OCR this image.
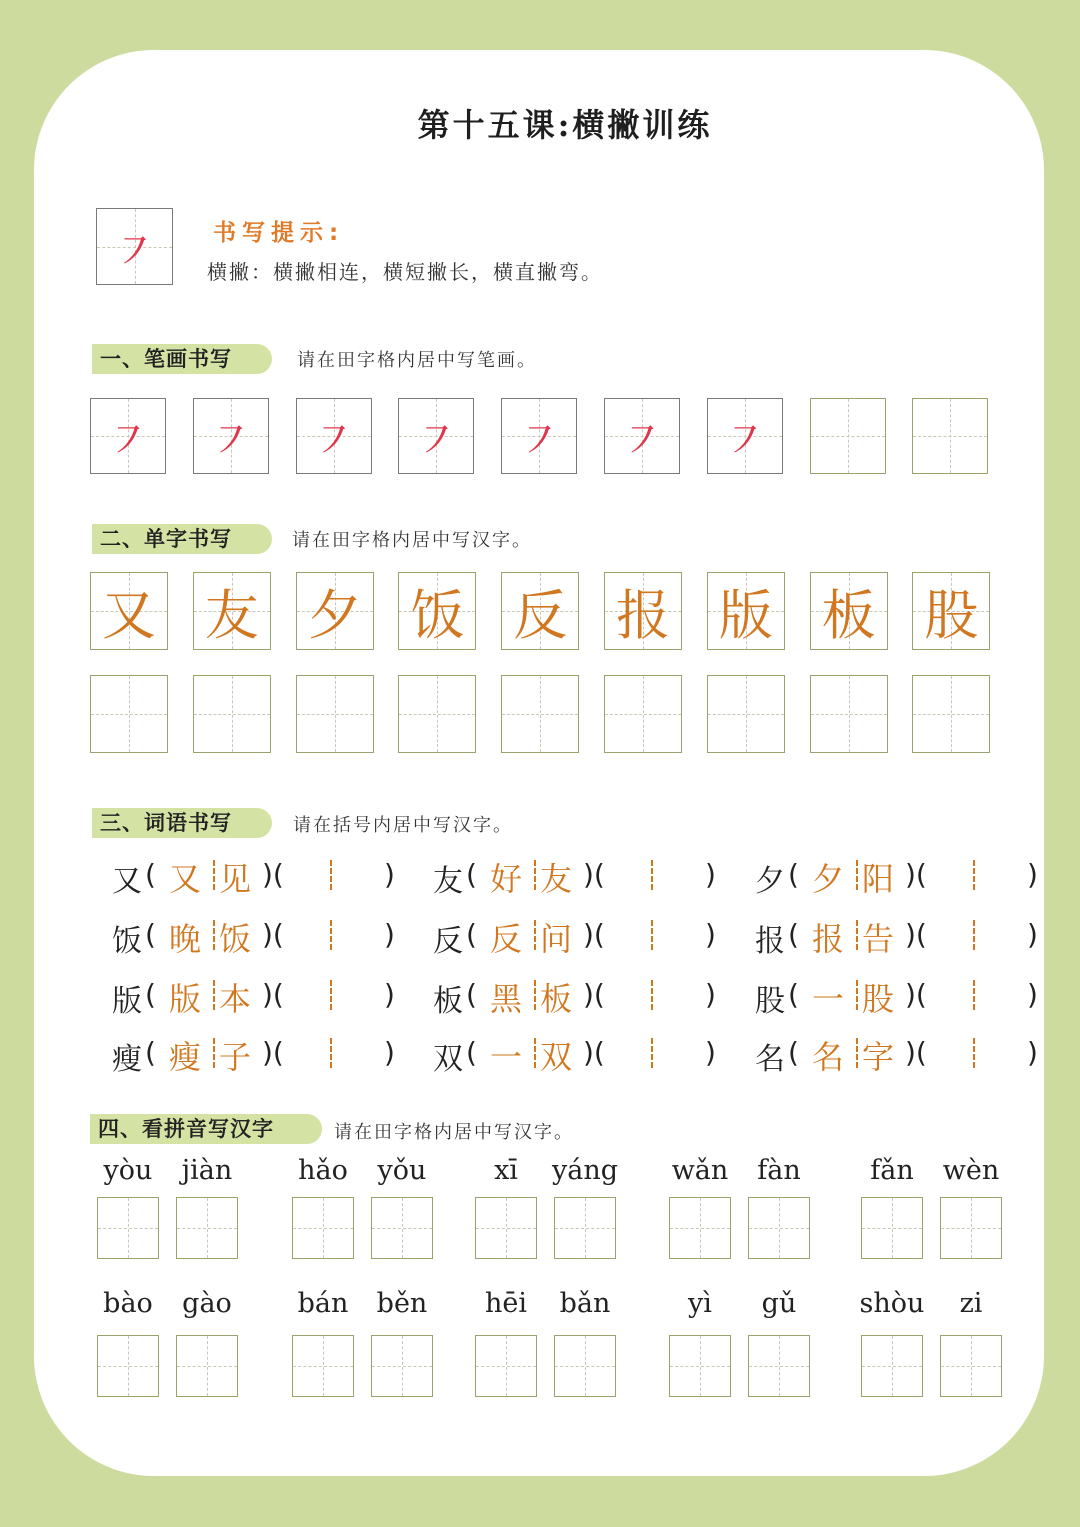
第十五课:横撇训练
㇇	书写提示:
横撇：横撇相连，横短撇长，横直撇弯。
一、笔画书写	请在田字格内居中写笔画。
㇇	㇇	㇇	㇇	㇇	㇇	㇇
二、单字书写	请在田字格内居中写汉字。
又 友 夕 饭 反 报 版 板 股
三、词语书写	请在括号内居中写汉字。
又 ( 又 见 )(	) 友 ( 好 友 )(	) 夕 ( 夕 阳 )(	)
饭 ( 晚 饭 )(	) 反 ( 反 问 )(	) 报 ( 报 告 )(	)
版 ( 版 本 )(	) 板 ( 黑 板 )(	) 股 ( 一 股 )(	)
瘦 ( 瘦 子 )(	) 双 ( 一 双 )(	) 名 ( 名 字 )(	)
四、看拼音写汉字	请在田字格内居中写汉字。
yòu	jiàn	hǎo	yǒu	xī	yáng	wǎn	fàn	fǎn	wèn
bào	gào	bán	běn	hēi	bǎn	yì	gǔ	shòu	zi
